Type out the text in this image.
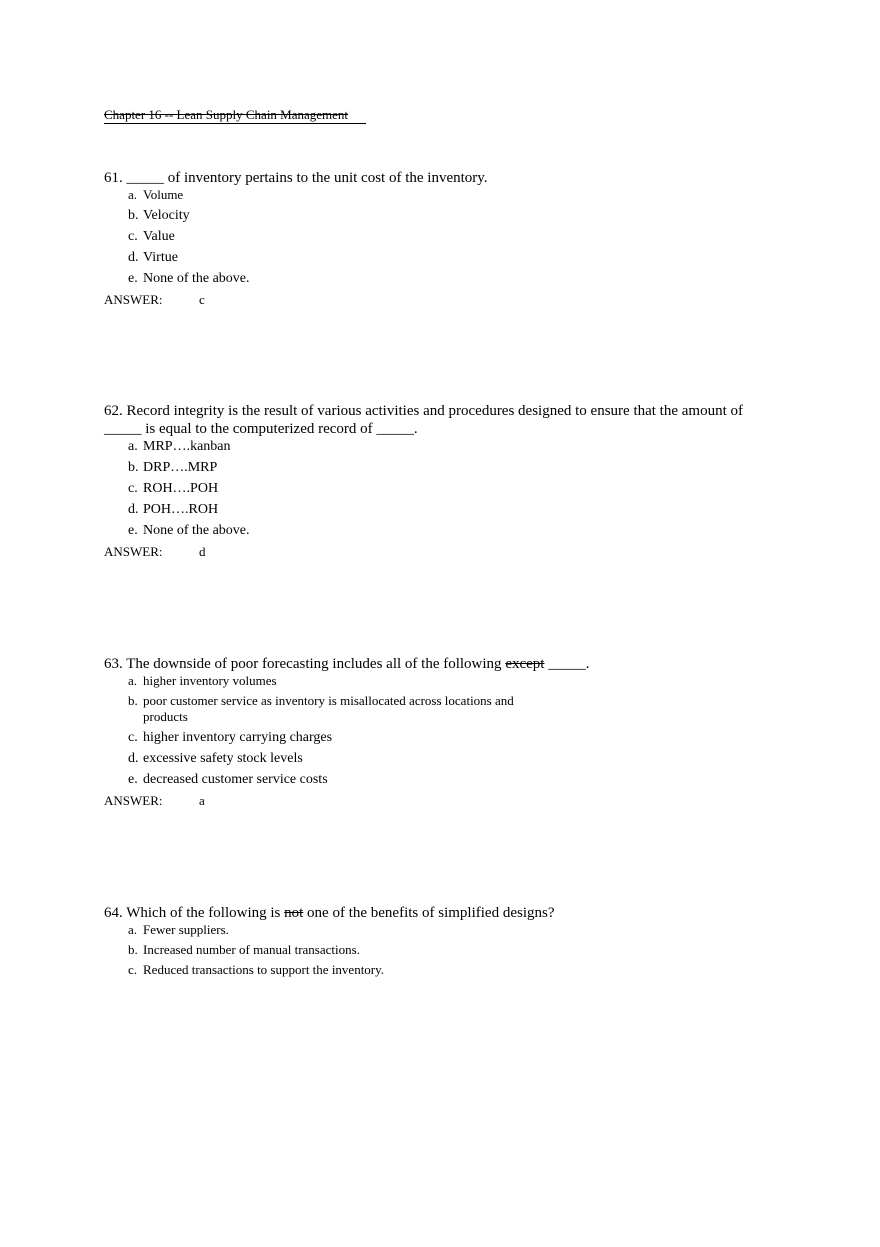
Chapter 16 -- Lean Supply Chain Management

61. _____ of inventory pertains to the unit cost of the inventory.

a. Volume
b. Velocity
c. Value
d. Virtue
e. None of the above.
ANSWER:	c

62. Record integrity is the result of various activities and procedures designed to ensure that the amount of _____ is equal to the computerized record of _____.

a. MRP….kanban
b. DRP….MRP
c. ROH….POH
d. POH….ROH
e. None of the above.
ANSWER:	d

63. The downside of poor forecasting includes all of the following except _____.

a. higher inventory volumes
b. poor customer service as inventory is misallocated across locations and products
c. higher inventory carrying charges
d. excessive safety stock levels
e. decreased customer service costs
ANSWER:	a

64. Which of the following is not one of the benefits of simplified designs?

a. Fewer suppliers.
b. Increased number of manual transactions.
c. Reduced transactions to support the inventory.
